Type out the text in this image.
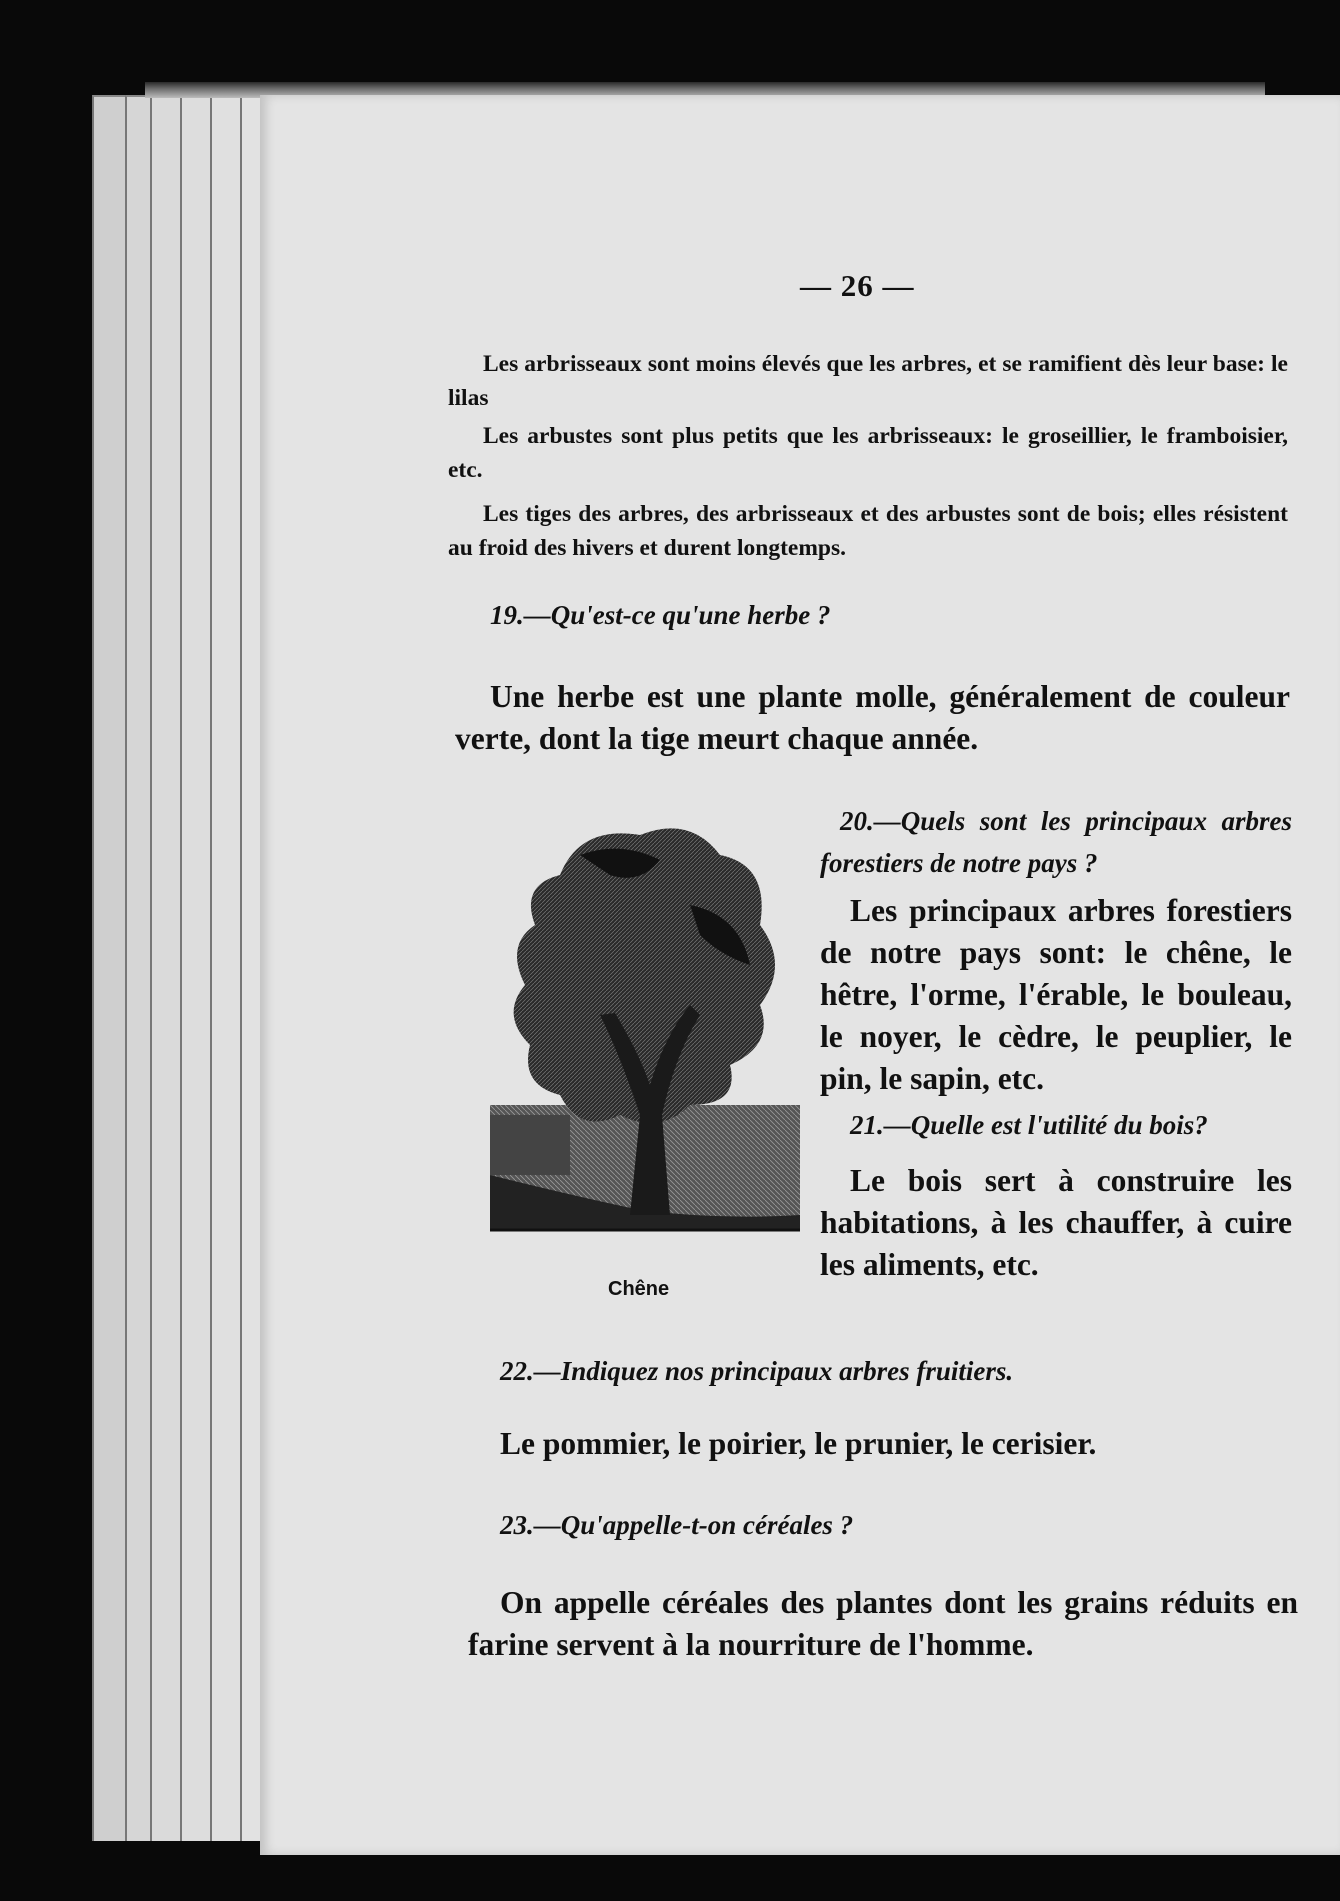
— 26 —
Les arbrisseaux sont moins élevés que les arbres, et se ramifient dès leur base: le lilas
Les arbustes sont plus petits que les arbrisseaux: le groseillier, le framboisier, etc.
Les tiges des arbres, des arbrisseaux et des arbustes sont de bois; elles résistent au froid des hivers et durent longtemps.
19.—Qu'est-ce qu'une herbe ?
Une herbe est une plante molle, généralement de couleur verte, dont la tige meurt chaque année.
20.—Quels sont les principaux arbres forestiers de notre pays ?
Les principaux arbres forestiers de notre pays sont: le chêne, le hêtre, l'orme, l'érable, le bouleau, le noyer, le cèdre, le peuplier, le pin, le sapin, etc.
21.—Quelle est l'utilité du bois?
Le bois sert à construire les habitations, à les chauffer, à cuire les aliments, etc.
Chêne
22.—Indiquez nos principaux arbres fruitiers.
Le pommier, le poirier, le prunier, le cerisier.
23.—Qu'appelle-t-on céréales ?
On appelle céréales des plantes dont les grains réduits en farine servent à la nourriture de l'homme.
